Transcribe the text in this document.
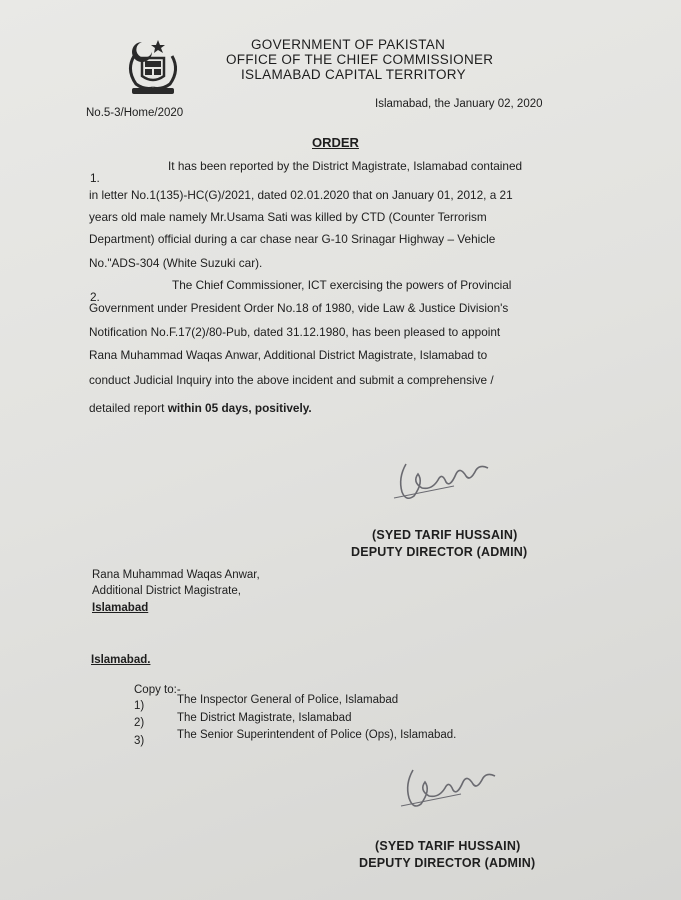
GOVERNMENT OF PAKISTAN
OFFICE OF THE CHIEF COMMISSIONER
ISLAMABAD CAPITAL TERRITORY
No.5-3/Home/2020
Islamabad, the January 02, 2020
ORDER
1.
It has been reported by the District Magistrate, Islamabad contained
in letter No.1(135)-HC(G)/2021, dated 02.01.2020 that on January 01, 2012, a 21
years old male namely Mr.Usama Sati was killed by CTD (Counter Terrorism
Department) official during a car chase near G-10 Srinagar Highway – Vehicle
No."ADS-304 (White Suzuki car).
2.
The Chief Commissioner, ICT exercising the powers of Provincial
Government under President Order No.18 of 1980, vide Law & Justice Division's
Notification No.F.17(2)/80-Pub, dated 31.12.1980, has been pleased to appoint
Rana Muhammad Waqas Anwar, Additional District Magistrate, Islamabad to
conduct Judicial Inquiry into the above incident and submit a comprehensive /
detailed report within 05 days, positively.
(SYED TARIF HUSSAIN)
DEPUTY DIRECTOR (ADMIN)
Rana Muhammad Waqas Anwar,
Additional District Magistrate,
Islamabad
Islamabad.
Copy to:-
1)	The Inspector General of Police, Islamabad
2)	The District Magistrate, Islamabad
3)	The Senior Superintendent of Police (Ops), Islamabad.
(SYED TARIF HUSSAIN)
DEPUTY DIRECTOR (ADMIN)
